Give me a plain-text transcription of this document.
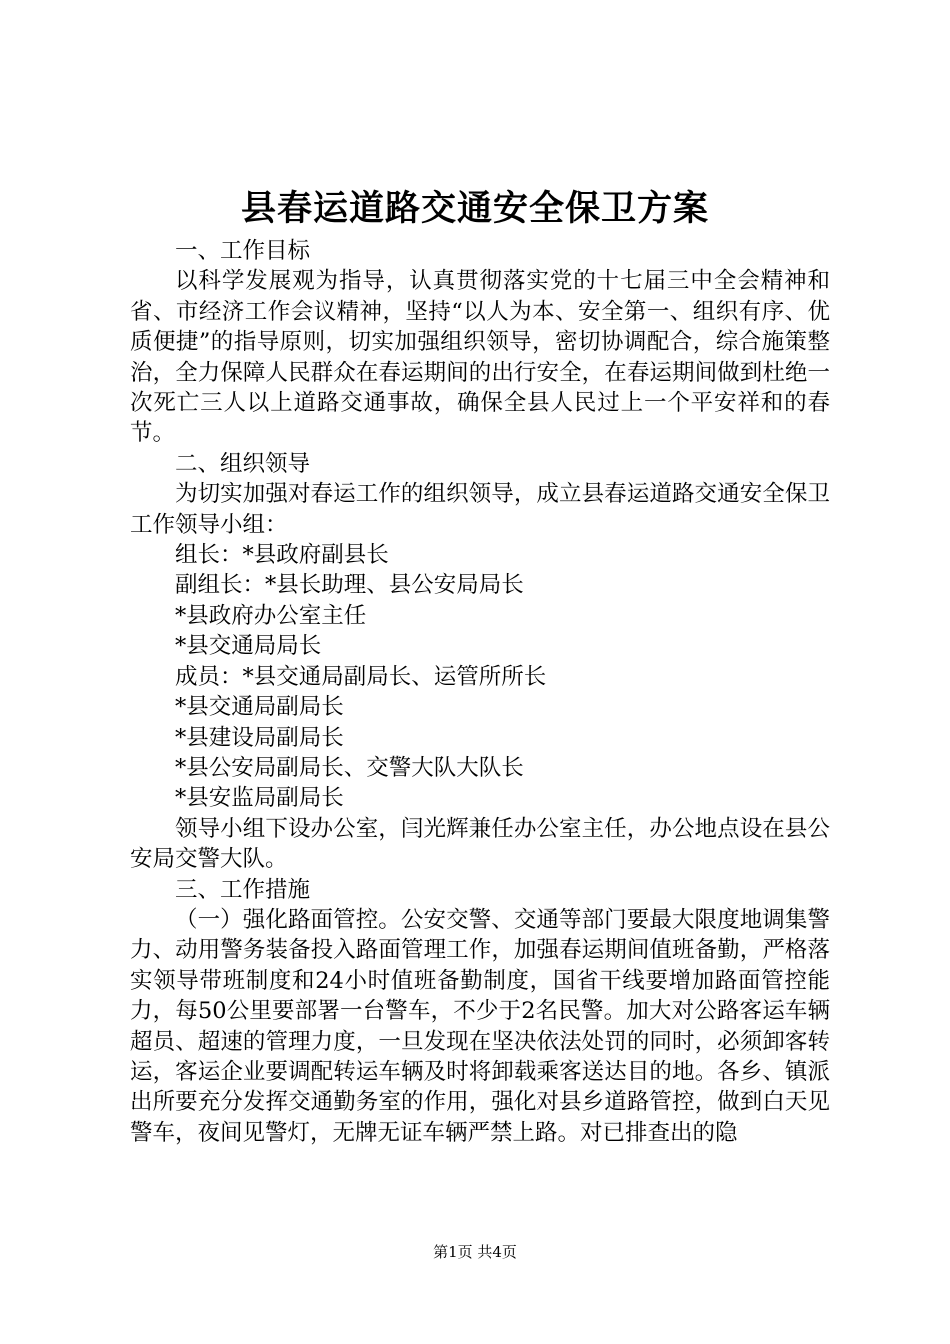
县春运道路交通安全保卫方案

一、工作目标

以科学发展观为指导，认真贯彻落实党的十七届三中全会精神和省、市经济工作会议精神，坚持“以人为本、安全第一、组织有序、优质便捷”的指导原则，切实加强组织领导，密切协调配合，综合施策整治，全力保障人民群众在春运期间的出行安全，在春运期间做到杜绝一次死亡三人以上道路交通事故，确保全县人民过上一个平安祥和的春节。

二、组织领导

为切实加强对春运工作的组织领导，成立县春运道路交通安全保卫工作领导小组：

组长：*县政府副县长

副组长：*县长助理、县公安局局长

*县政府办公室主任

*县交通局局长

成员：*县交通局副局长、运管所所长

*县交通局副局长

*县建设局副局长

*县公安局副局长、交警大队大队长

*县安监局副局长

领导小组下设办公室，闫光辉兼任办公室主任，办公地点设在县公安局交警大队。

三、工作措施

（一）强化路面管控。公安交警、交通等部门要最大限度地调集警力、动用警务装备投入路面管理工作，加强春运期间值班备勤，严格落实领导带班制度和24小时值班备勤制度，国省干线要增加路面管控能力，每50公里要部署一台警车，不少于2名民警。加大对公路客运车辆超员、超速的管理力度，一旦发现在坚决依法处罚的同时，必须卸客转运，客运企业要调配转运车辆及时将卸载乘客送达目的地。各乡、镇派出所要充分发挥交通勤务室的作用，强化对县乡道路管控，做到白天见警车，夜间见警灯，无牌无证车辆严禁上路。对已排查出的隐

第1页 共4页
